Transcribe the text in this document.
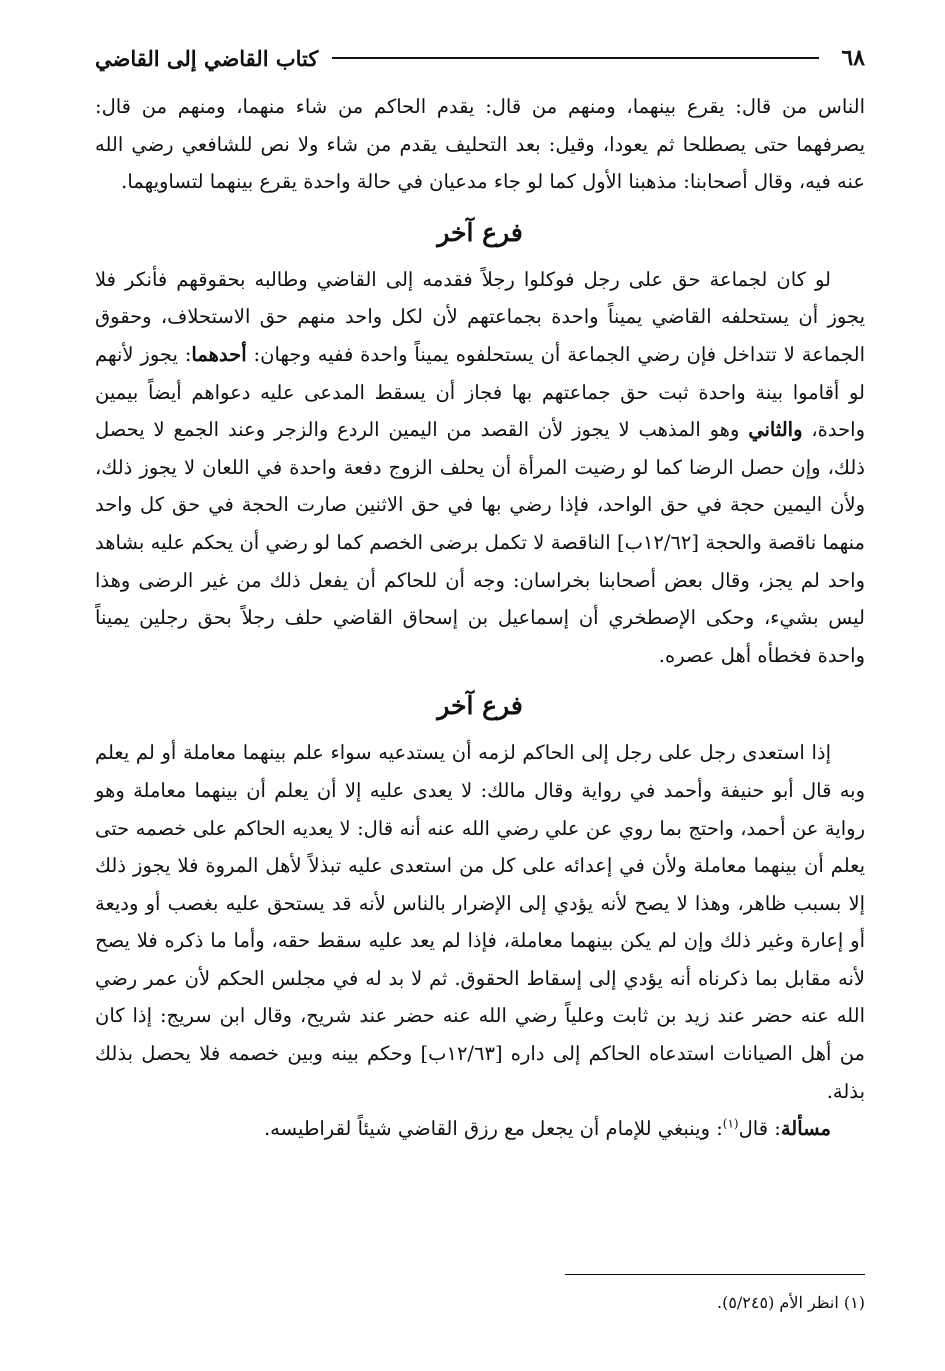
٦٨
كتاب القاضي إلى القاضي

الناس من قال: يقرع بينهما، ومنهم من قال: يقدم الحاكم من شاء منهما، ومنهم من قال: يصرفهما حتى يصطلحا ثم يعودا، وقيل: بعد التحليف يقدم من شاء ولا نص للشافعي رضي الله عنه فيه، وقال أصحابنا: مذهبنا الأول كما لو جاء مدعيان في حالة واحدة يقرع بينهما لتساويهما.

فرع آخر

لو كان لجماعة حق على رجل فوكلوا رجلاً فقدمه إلى القاضي وطالبه بحقوقهم فأنكر فلا يجوز أن يستحلفه القاضي يميناً واحدة بجماعتهم لأن لكل واحد منهم حق الاستحلاف، وحقوق الجماعة لا تتداخل فإن رضي الجماعة أن يستحلفوه يميناً واحدة ففيه وجهان: أحدهما: يجوز لأنهم لو أقاموا بينة واحدة ثبت حق جماعتهم بها فجاز أن يسقط المدعى عليه دعواهم أيضاً بيمين واحدة، والثاني وهو المذهب لا يجوز لأن القصد من اليمين الردع والزجر وعند الجمع لا يحصل ذلك، وإن حصل الرضا كما لو رضيت المرأة أن يحلف الزوج دفعة واحدة في اللعان لا يجوز ذلك، ولأن اليمين حجة في حق الواحد، فإذا رضي بها في حق الاثنين صارت الحجة في حق كل واحد منهما ناقصة والحجة [١٢/٦٢ب] الناقصة لا تكمل برضى الخصم كما لو رضي أن يحكم عليه بشاهد واحد لم يجز، وقال بعض أصحابنا بخراسان: وجه أن للحاكم أن يفعل ذلك من غير الرضى وهذا ليس بشيء، وحكى الإصطخري أن إسماعيل بن إسحاق القاضي حلف رجلاً بحق رجلين يميناً واحدة فخطأه أهل عصره.

فرع آخر

إذا استعدى رجل على رجل إلى الحاكم لزمه أن يستدعيه سواء علم بينهما معاملة أو لم يعلم وبه قال أبو حنيفة وأحمد في رواية وقال مالك: لا يعدى عليه إلا أن يعلم أن بينهما معاملة وهو رواية عن أحمد، واحتج بما روي عن علي رضي الله عنه أنه قال: لا يعديه الحاكم على خصمه حتى يعلم أن بينهما معاملة ولأن في إعدائه على كل من استعدى عليه تبذلاً لأهل المروة فلا يجوز ذلك إلا بسبب ظاهر، وهذا لا يصح لأنه يؤدي إلى الإضرار بالناس لأنه قد يستحق عليه بغصب أو وديعة أو إعارة وغير ذلك وإن لم يكن بينهما معاملة، فإذا لم يعد عليه سقط حقه، وأما ما ذكره فلا يصح لأنه مقابل بما ذكرناه أنه يؤدي إلى إسقاط الحقوق. ثم لا بد له في مجلس الحكم لأن عمر رضي الله عنه حضر عند زيد بن ثابت وعلياً رضي الله عنه حضر عند شريح، وقال ابن سريج: إذا كان من أهل الصيانات استدعاه الحاكم إلى داره [١٢/٦٣ب] وحكم بينه وبين خصمه فلا يحصل بذلك بذلة.

مسألة: قال$^{(١)}$: وينبغي للإمام أن يجعل مع رزق القاضي شيئاً لقراطيسه.

(١) انظر الأم (٥/٢٤٥).
